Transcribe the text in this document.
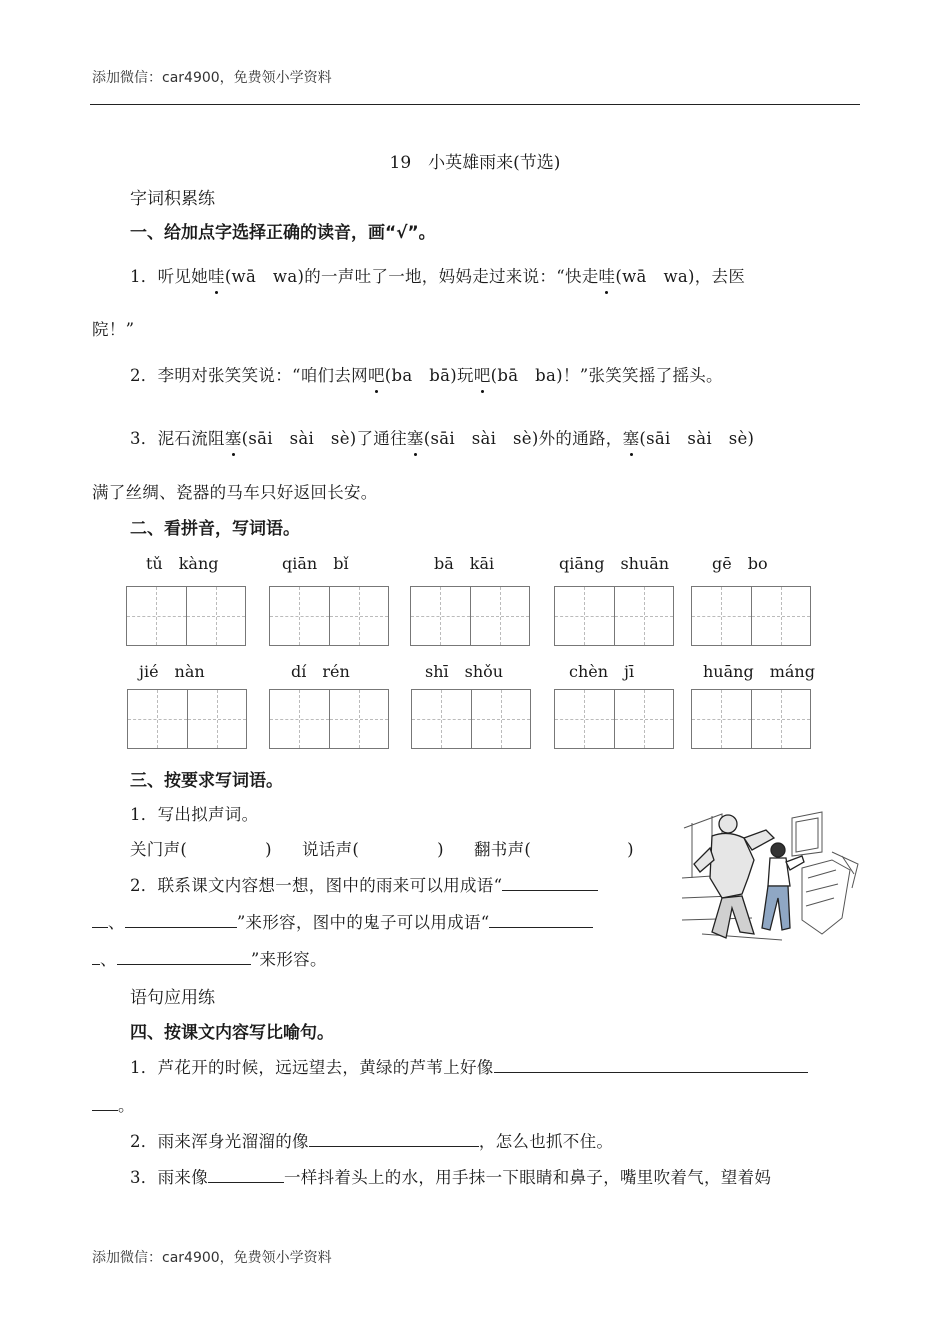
添加微信：car4900，免费领小学资料
19　小英雄雨来(节选)
字词积累练
一、给加点字选择正确的读音，画“√”。
1．听见她哇(wā　wa)的一声吐了一地，妈妈走过来说：“快走哇(wā　wa)，去医
院！”
2．李明对张笑笑说：“咱们去网吧(ba　bā)玩吧(bā　ba)！”张笑笑摇了摇头。
3．泥石流阻塞(sāi　sài　sè)了通往塞(sāi　sài　sè)外的通路，塞(sāi　sài　sè)
满了丝绸、瓷器的马车只好返回长安。
二、看拼音，写词语。
tǔ　kàng	qiān　bǐ	bā　kāi	qiāng　shuān	gē　bo
jié　nàn	dí　rén	shī　shǒu	chèn　jī	huāng　máng
三、按要求写词语。
1．写出拟声词。
关门声(	) 说话声(	) 翻书声(	)
2．联系课文内容想一想，图中的雨来可以用成语“
、	”来形容，图中的鬼子可以用成语“
、	”来形容。
语句应用练
四、按课文内容写比喻句。
1．芦花开的时候，远远望去，黄绿的芦苇上好像
。
2．雨来浑身光溜溜的像	，怎么也抓不住。
3．雨来像	一样抖着头上的水，用手抹一下眼睛和鼻子，嘴里吹着气，望着妈
添加微信：car4900，免费领小学资料
